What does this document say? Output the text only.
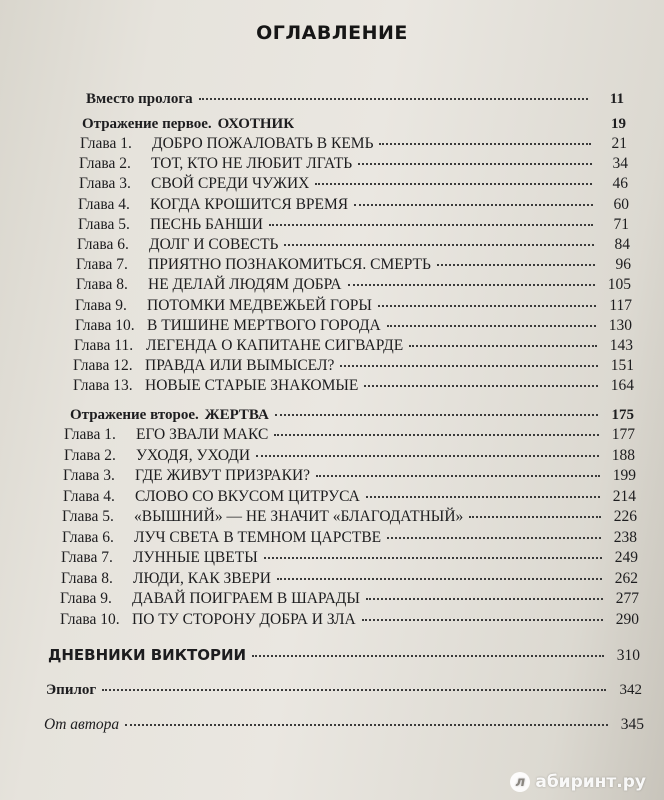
ОГЛАВЛЕНИЕ
Вместо пролога	11
Отражение первое. ОХОТНИК	19
Глава 1.	ДОБРО ПОЖАЛОВАТЬ В КЕМЬ	21
Глава 2.	ТОТ, КТО НЕ ЛЮБИТ ЛГАТЬ	34
Глава 3.	СВОЙ СРЕДИ ЧУЖИХ	46
Глава 4.	КОГДА КРОШИТСЯ ВРЕМЯ	60
Глава 5.	ПЕСНЬ БАНШИ	71
Глава 6.	ДОЛГ И СОВЕСТЬ	84
Глава 7.	ПРИЯТНО ПОЗНАКОМИТЬСЯ. СМЕРТЬ	96
Глава 8.	НЕ ДЕЛАЙ ЛЮДЯМ ДОБРА	105
Глава 9.	ПОТОМКИ МЕДВЕЖЬЕЙ ГОРЫ	117
Глава 10. В ТИШИНЕ МЕРТВОГО ГОРОДА	130
Глава 11. ЛЕГЕНДА О КАПИТАНЕ СИГВАРДЕ	143
Глава 12. ПРАВДА ИЛИ ВЫМЫСЕЛ?	151
Глава 13. НОВЫЕ СТАРЫЕ ЗНАКОМЫЕ	164
Отражение второе. ЖЕРТВА	175
Глава 1.	ЕГО ЗВАЛИ МАКС	177
Глава 2.	УХОДЯ, УХОДИ	188
Глава 3.	ГДЕ ЖИВУТ ПРИЗРАКИ?	199
Глава 4.	СЛОВО СО ВКУСОМ ЦИТРУСА	214
Глава 5.	«ВЫШНИЙ» — НЕ ЗНАЧИТ «БЛАГОДАТНЫЙ»	226
Глава 6.	ЛУЧ СВЕТА В ТЕМНОМ ЦАРСТВЕ	238
Глава 7.	ЛУННЫЕ ЦВЕТЫ	249
Глава 8.	ЛЮДИ, КАК ЗВЕРИ	262
Глава 9.	ДАВАЙ ПОИГРАЕМ В ШАРАДЫ	277
Глава 10. ПО ТУ СТОРОНУ ДОБРА И ЗЛА	290
ДНЕВНИКИ ВИКТОРИИ	310
Эпилог	342
От автора	345
л абиринт.ру
